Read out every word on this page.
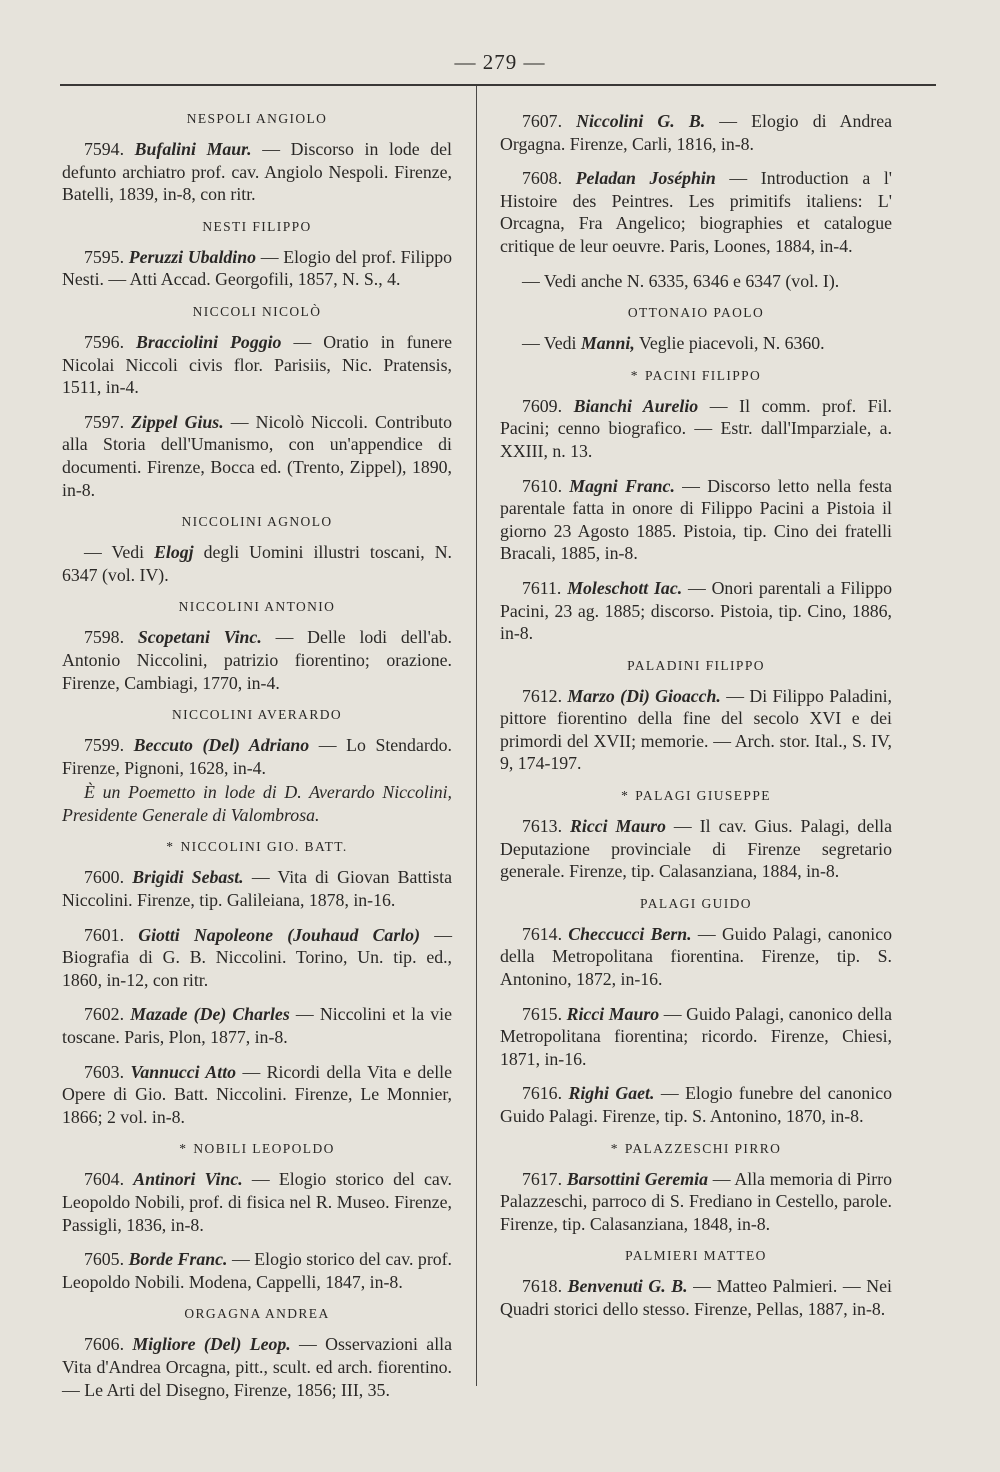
— 279 —
NESPOLI ANGIOLO

7594. Bufalini Maur. — Discorso in lode del defunto archiatro prof. cav. Angiolo Nespoli. Firenze, Batelli, 1839, in-8, con ritr.

NESTI FILIPPO

7595. Peruzzi Ubaldino — Elogio del prof. Filippo Nesti. — Atti Accad. Georgofili, 1857, N. S., 4.

NICCOLI NICOLÒ

7596. Bracciolini Poggio — Oratio in funere Nicolai Niccoli civis flor. Parisiis, Nic. Pratensis, 1511, in-4.

7597. Zippel Gius. — Nicolò Niccoli. Contributo alla Storia dell'Umanismo, con un'appendice di documenti. Firenze, Bocca ed. (Trento, Zippel), 1890, in-8.

NICCOLINI AGNOLO

— Vedi Elogj degli Uomini illustri toscani, N. 6347 (vol. IV).

NICCOLINI ANTONIO

7598. Scopetani Vinc. — Delle lodi dell'ab. Antonio Niccolini, patrizio fiorentino; orazione. Firenze, Cambiagi, 1770, in-4.

NICCOLINI AVERARDO

7599. Beccuto (Del) Adriano — Lo Stendardo. Firenze, Pignoni, 1628, in-4.

È un Poemetto in lode di D. Averardo Niccolini, Presidente Generale di Valombrosa.

* NICCOLINI GIO. BATT.

7600. Brigidi Sebast. — Vita di Giovan Battista Niccolini. Firenze, tip. Galileiana, 1878, in-16.

7601. Giotti Napoleone (Jouhaud Carlo) — Biografia di G. B. Niccolini. Torino, Un. tip. ed., 1860, in-12, con ritr.

7602. Mazade (De) Charles — Niccolini et la vie toscane. Paris, Plon, 1877, in-8.

7603. Vannucci Atto — Ricordi della Vita e delle Opere di Gio. Batt. Niccolini. Firenze, Le Monnier, 1866; 2 vol. in-8.

* NOBILI LEOPOLDO

7604. Antinori Vinc. — Elogio storico del cav. Leopoldo Nobili, prof. di fisica nel R. Museo. Firenze, Passigli, 1836, in-8.

7605. Borde Franc. — Elogio storico del cav. prof. Leopoldo Nobili. Modena, Cappelli, 1847, in-8.

ORGAGNA ANDREA

7606. Migliore (Del) Leop. — Osservazioni alla Vita d'Andrea Orcagna, pitt., scult. ed arch. fiorentino. — Le Arti del Disegno, Firenze, 1856; III, 35.

7607. Niccolini G. B. — Elogio di Andrea Orgagna. Firenze, Carli, 1816, in-8.

7608. Peladan Joséphin — Introduction a l' Histoire des Peintres. Les primitifs italiens: L' Orcagna, Fra Angelico; biographies et catalogue critique de leur oeuvre. Paris, Loones, 1884, in-4.

— Vedi anche N. 6335, 6346 e 6347 (vol. I).

OTTONAIO PAOLO

— Vedi Manni, Veglie piacevoli, N. 6360.

* PACINI FILIPPO

7609. Bianchi Aurelio — Il comm. prof. Fil. Pacini; cenno biografico. — Estr. dall'Imparziale, a. XXIII, n. 13.

7610. Magni Franc. — Discorso letto nella festa parentale fatta in onore di Filippo Pacini a Pistoia il giorno 23 Agosto 1885. Pistoia, tip. Cino dei fratelli Bracali, 1885, in-8.

7611. Moleschott Iac. — Onori parentali a Filippo Pacini, 23 ag. 1885; discorso. Pistoia, tip. Cino, 1886, in-8.

PALADINI FILIPPO

7612. Marzo (Di) Gioacch. — Di Filippo Paladini, pittore fiorentino della fine del secolo XVI e dei primordi del XVII; memorie. — Arch. stor. Ital., S. IV, 9, 174-197.

* PALAGI GIUSEPPE

7613. Ricci Mauro — Il cav. Gius. Palagi, della Deputazione provinciale di Firenze segretario generale. Firenze, tip. Calasanziana, 1884, in-8.

PALAGI GUIDO

7614. Checcucci Bern. — Guido Palagi, canonico della Metropolitana fiorentina. Firenze, tip. S. Antonino, 1872, in-16.

7615. Ricci Mauro — Guido Palagi, canonico della Metropolitana fiorentina; ricordo. Firenze, Chiesi, 1871, in-16.

7616. Righi Gaet. — Elogio funebre del canonico Guido Palagi. Firenze, tip. S. Antonino, 1870, in-8.

* PALAZZESCHI PIRRO

7617. Barsottini Geremia — Alla memoria di Pirro Palazzeschi, parroco di S. Frediano in Cestello, parole. Firenze, tip. Calasanziana, 1848, in-8.

PALMIERI MATTEO

7618. Benvenuti G. B. — Matteo Palmieri. — Nei Quadri storici dello stesso. Firenze, Pellas, 1887, in-8.
